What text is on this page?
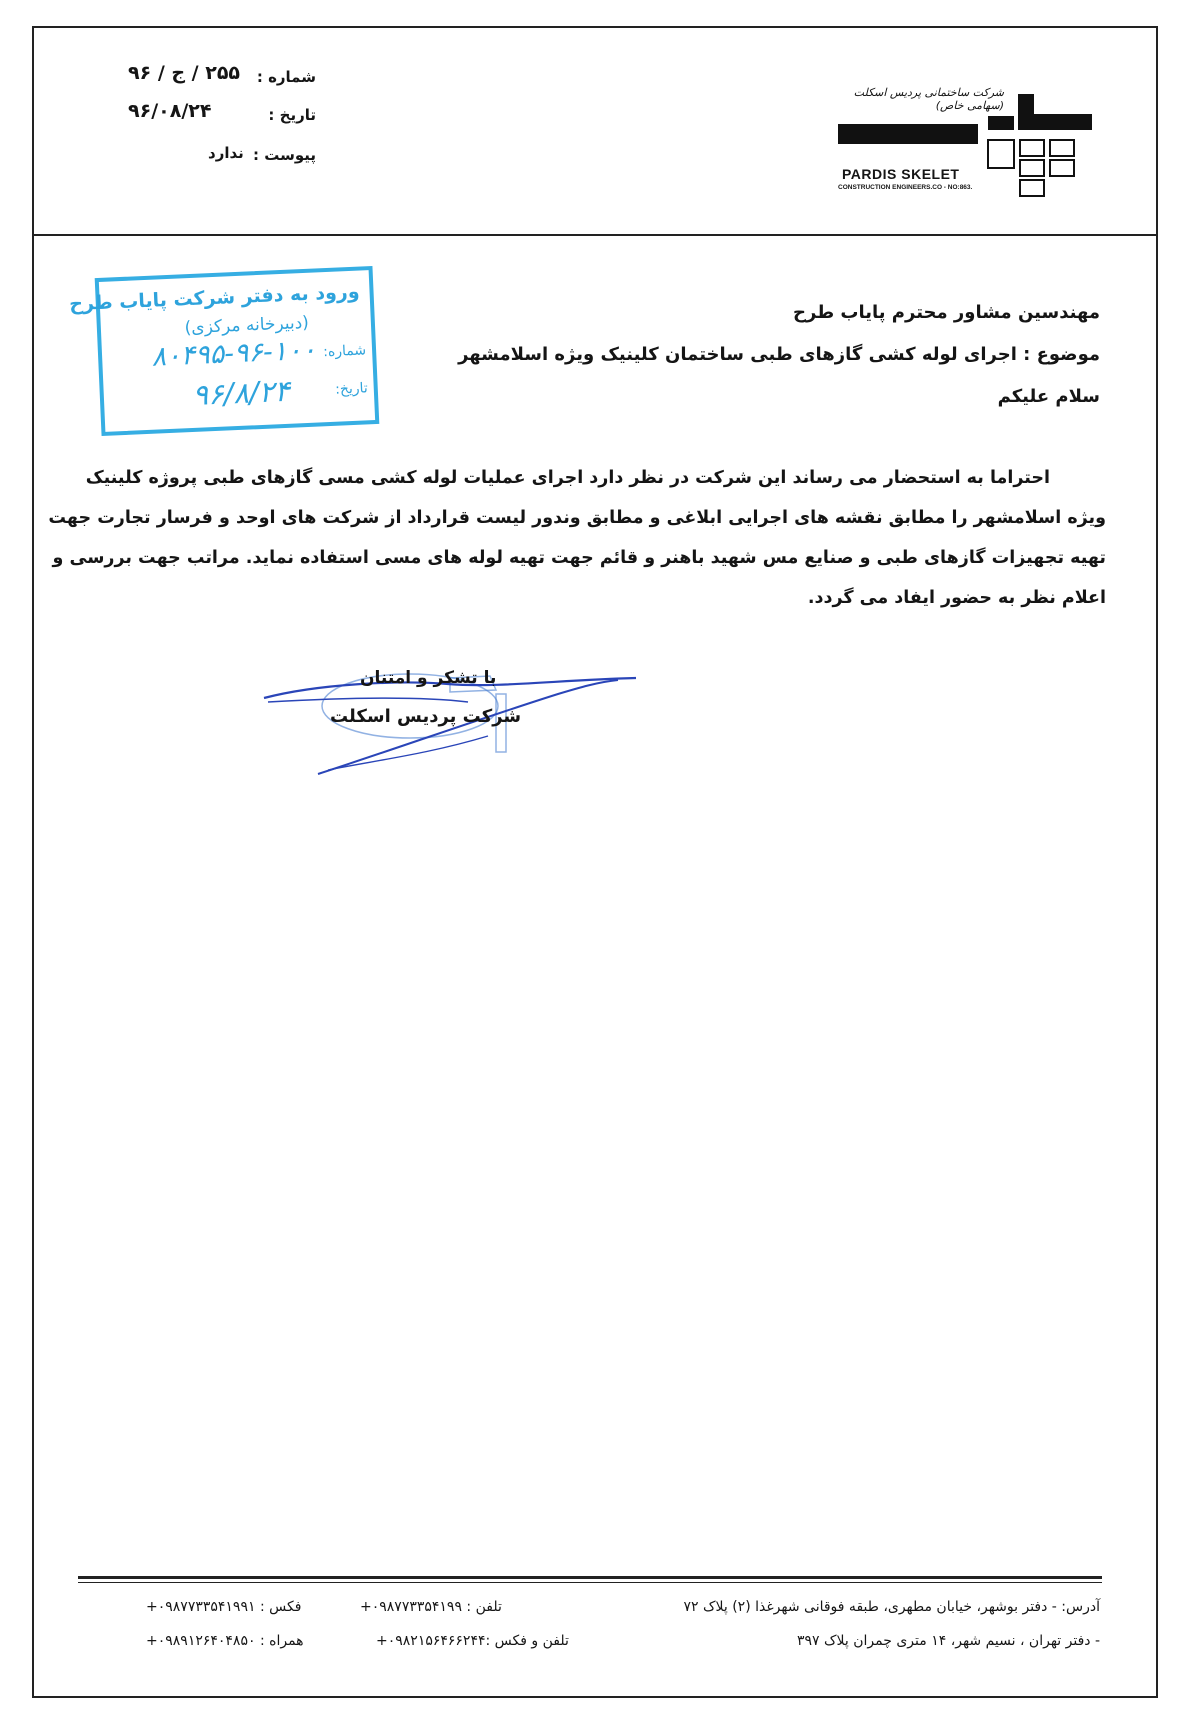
شماره :
۲۵۵ / ج / ۹۶
تاریخ :
۹۶/۰۸/۲۴
پیوست :
ندارد
شرکت ساختمانی پردیس اسکلت (سهامی خاص)
PARDIS SKELET
CONSTRUCTION ENGINEERS.CO - NO:863.
ورود به دفتر شرکت پایاب طرح
(دبیرخانه مرکزی)
شماره:
۸۰۴۹۵-۹۶-۱۰۰
تاریخ:
۹۶/۸/۲۴
مهندسین مشاور محترم پایاب طرح
موضوع : اجرای لوله کشی گازهای طبی ساختمان کلینیک ویژه اسلامشهر
سلام علیکم
احتراما به استحضار می رساند این شرکت در نظر دارد اجرای عملیات لوله کشی مسی گازهای طبی پروژه کلینیک
ویژه اسلامشهر را مطابق نقشه های اجرایی ابلاغی و مطابق وندور لیست قرارداد از شرکت های اوحد و فرسار تجارت جهت
تهیه تجهیزات گازهای طبی و صنایع مس شهید باهنر و قائم جهت تهیه لوله های مسی استفاده نماید. مراتب جهت بررسی و
اعلام نظر به حضور ایفاد می گردد.
با تشکر و امتنان
شرکت پردیس اسکلت
آدرس: - دفتر بوشهر، خیابان مطهری، طبقه فوقانی شهرغذا (۲) پلاک ۷۲
تلفن : ۰۹۸۷۷۳۳۵۴۱۹۹+
فکس : ۰۹۸۷۷۳۳۵۴۱۹۹۱+
- دفتر تهران ، نسیم شهر، ۱۴ متری چمران پلاک ۳۹۷
تلفن و فکس :۰۹۸۲۱۵۶۴۶۶۲۴۴+
همراه : ۰۹۸۹۱۲۶۴۰۴۸۵۰+
